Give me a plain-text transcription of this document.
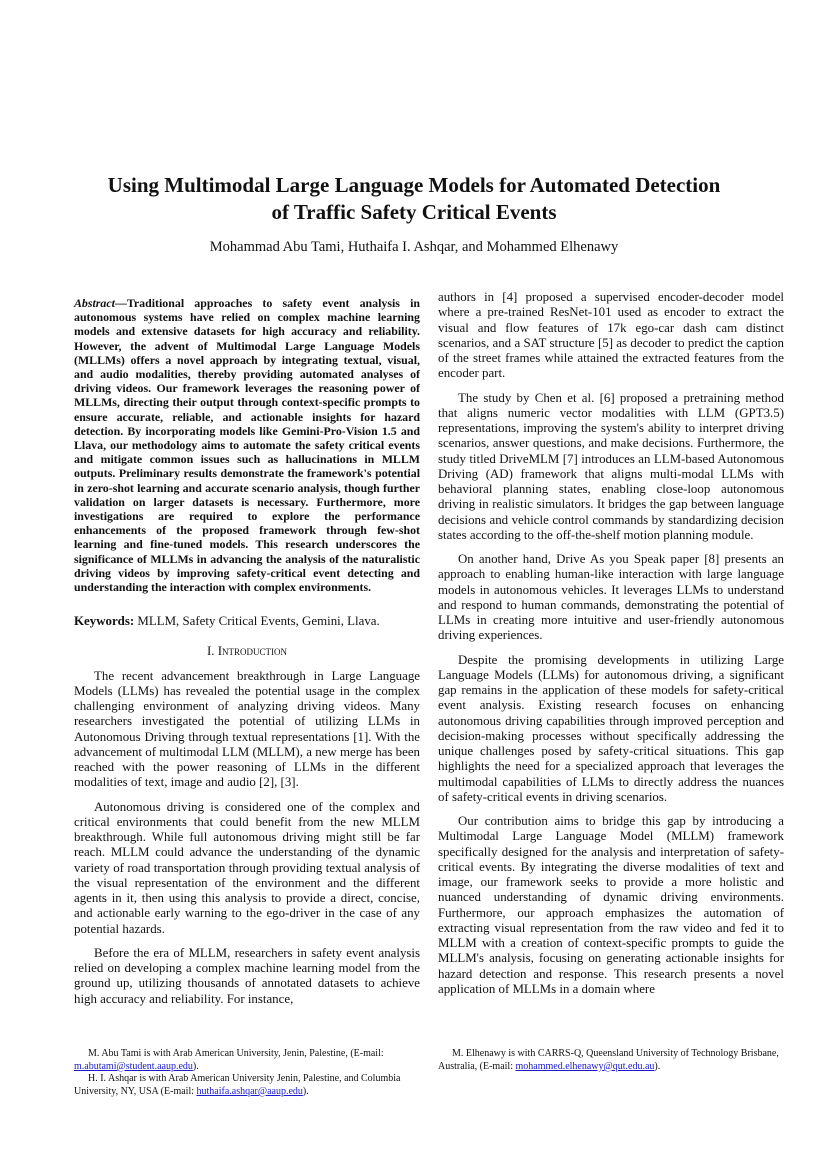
Using Multimodal Large Language Models for Automated Detection
of Traffic Safety Critical Events
Mohammad Abu Tami, Huthaifa I. Ashqar, and Mohammed Elhenawy

Abstract—Traditional approaches to safety event analysis in autonomous systems have relied on complex machine learning models and extensive datasets for high accuracy and reliability. However, the advent of Multimodal Large Language Models (MLLMs) offers a novel approach by integrating textual, visual, and audio modalities, thereby providing automated analyses of driving videos. Our framework leverages the reasoning power of MLLMs, directing their output through context-specific prompts to ensure accurate, reliable, and actionable insights for hazard detection. By incorporating models like Gemini-Pro-Vision 1.5 and Llava, our methodology aims to automate the safety critical events and mitigate common issues such as hallucinations in MLLM outputs. Preliminary results demonstrate the framework's potential in zero-shot learning and accurate scenario analysis, though further validation on larger datasets is necessary. Furthermore, more investigations are required to explore the performance enhancements of the proposed framework through few-shot learning and fine-tuned models. This research underscores the significance of MLLMs in advancing the analysis of the naturalistic driving videos by improving safety-critical event detecting and understanding the interaction with complex environments.

Keywords: MLLM, Safety Critical Events, Gemini, Llava.

I. Introduction

The recent advancement breakthrough in Large Language Models (LLMs) has revealed the potential usage in the complex challenging environment of analyzing driving videos. Many researchers investigated the potential of utilizing LLMs in Autonomous Driving through textual representations [1]. With the advancement of multimodal LLM (MLLM), a new merge has been reached with the power reasoning of LLMs in the different modalities of text, image and audio [2], [3].

Autonomous driving is considered one of the complex and critical environments that could benefit from the new MLLM breakthrough. While full autonomous driving might still be far reach. MLLM could advance the understanding of the dynamic variety of road transportation through providing textual analysis of the visual representation of the environment and the different agents in it, then using this analysis to provide a direct, concise, and actionable early warning to the ego-driver in the case of any potential hazards.

Before the era of MLLM, researchers in safety event analysis relied on developing a complex machine learning model from the ground up, utilizing thousands of annotated datasets to achieve high accuracy and reliability. For instance,

authors in [4] proposed a supervised encoder-decoder model where a pre-trained ResNet-101 used as encoder to extract the visual and flow features of 17k ego-car dash cam distinct scenarios, and a SAT structure [5] as decoder to predict the caption of the street frames while attained the extracted features from the encoder part.

The study by Chen et al. [6] proposed a pretraining method that aligns numeric vector modalities with LLM (GPT3.5) representations, improving the system's ability to interpret driving scenarios, answer questions, and make decisions. Furthermore, the study titled DriveMLM [7] introduces an LLM-based Autonomous Driving (AD) framework that aligns multi-modal LLMs with behavioral planning states, enabling close-loop autonomous driving in realistic simulators. It bridges the gap between language decisions and vehicle control commands by standardizing decision states according to the off-the-shelf motion planning module.

On another hand, Drive As you Speak paper [8] presents an approach to enabling human-like interaction with large language models in autonomous vehicles. It leverages LLMs to understand and respond to human commands, demonstrating the potential of LLMs in creating more intuitive and user-friendly autonomous driving experiences.

Despite the promising developments in utilizing Large Language Models (LLMs) for autonomous driving, a significant gap remains in the application of these models for safety-critical event analysis. Existing research focuses on enhancing autonomous driving capabilities through improved perception and decision-making processes without specifically addressing the unique challenges posed by safety-critical situations. This gap highlights the need for a specialized approach that leverages the multimodal capabilities of LLMs to directly address the nuances of safety-critical events in driving scenarios.

Our contribution aims to bridge this gap by introducing a Multimodal Large Language Model (MLLM) framework specifically designed for the analysis and interpretation of safety-critical events. By integrating the diverse modalities of text and image, our framework seeks to provide a more holistic and nuanced understanding of dynamic driving environments. Furthermore, our approach emphasizes the automation of extracting visual representation from the raw video and fed it to MLLM with a creation of context-specific prompts to guide the MLLM's analysis, focusing on generating actionable insights for hazard detection and response. This research presents a novel application of MLLMs in a domain where

M. Abu Tami is with Arab American University, Jenin, Palestine, (E-mail: m.abutami@student.aaup.edu).

H. I. Ashqar is with Arab American University Jenin, Palestine, and Columbia University, NY, USA (E-mail: huthaifa.ashqar@aaup.edu).

M. Elhenawy is with CARRS-Q, Queensland University of Technology Brisbane, Australia, (E-mail: mohammed.elhenawy@qut.edu.au).
